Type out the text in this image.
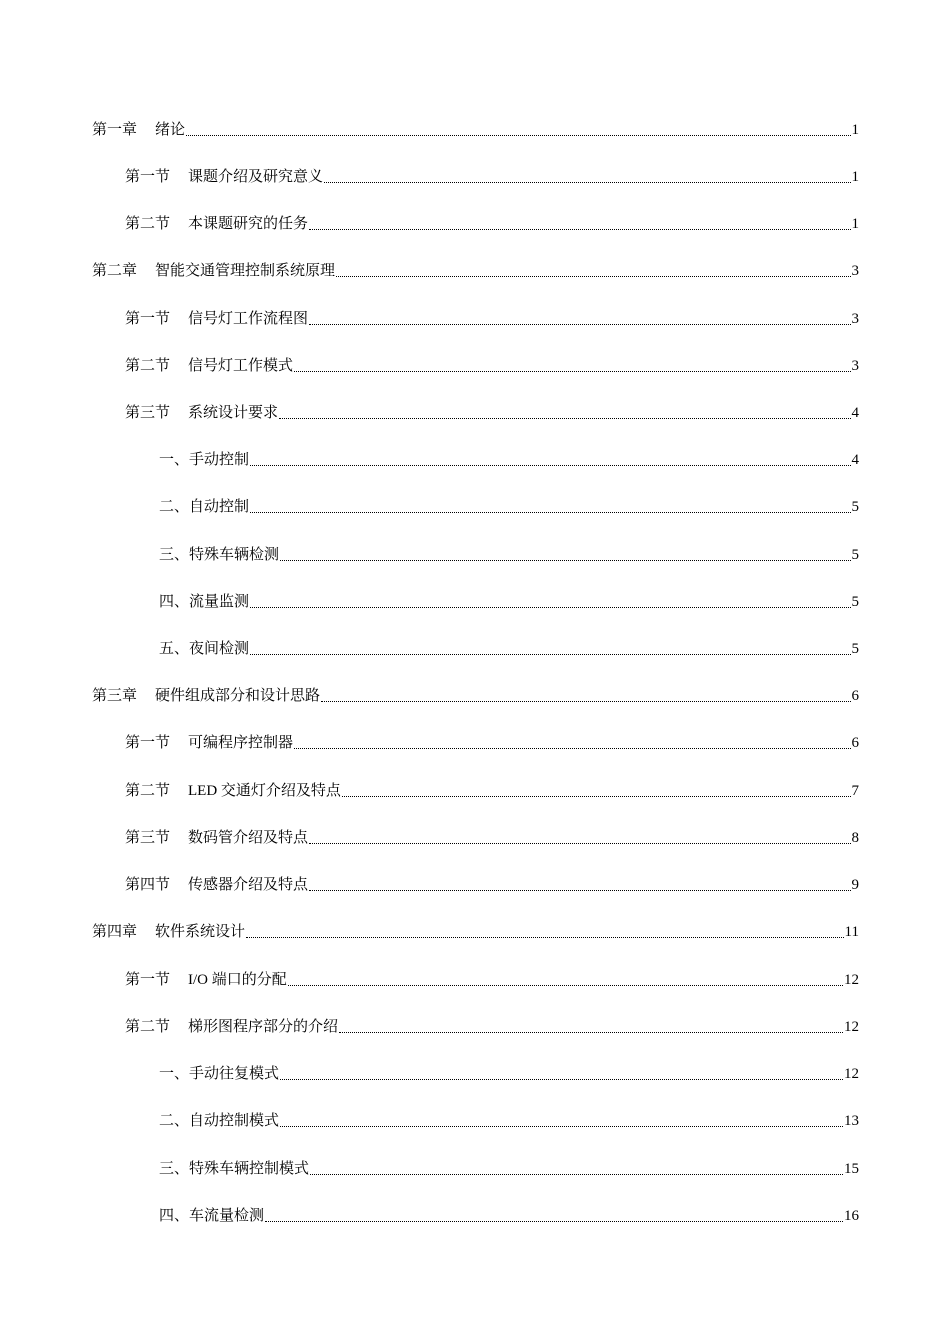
第一章 绪论	1
第一节 课题介绍及研究意义	1
第二节 本课题研究的任务	1
第二章 智能交通管理控制系统原理	3
第一节 信号灯工作流程图	3
第二节 信号灯工作模式	3
第三节 系统设计要求	4
一、手动控制	4
二、自动控制	5
三、特殊车辆检测	5
四、流量监测	5
五、夜间检测	5
第三章 硬件组成部分和设计思路	6
第一节 可编程序控制器	6
第二节 LED 交通灯介绍及特点	7
第三节 数码管介绍及特点	8
第四节 传感器介绍及特点	9
第四章 软件系统设计	11
第一节 I/O 端口的分配	12
第二节 梯形图程序部分的介绍	12
一、手动往复模式	12
二、自动控制模式	13
三、特殊车辆控制模式	15
四、车流量检测	16
